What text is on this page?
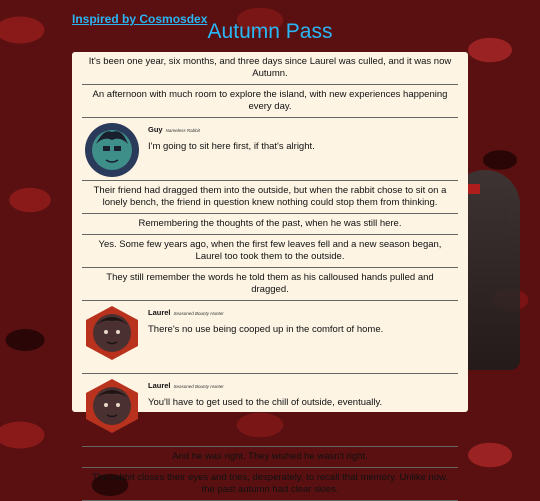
Inspired by Cosmosdex
Autumn Pass
It's been one year, six months, and three days since Laurel was culled, and it was now Autumn.
An afternoon with much room to explore the island, with new experiences happening every day.
Guy Nameless Rabbit
I'm going to sit here first, if that's alright.
Their friend had dragged them into the outside, but when the rabbit chose to sit on a lonely bench, the friend in question knew nothing could stop them from thinking.
Remembering the thoughts of the past, when he was still here.
Yes. Some few years ago, when the first few leaves fell and a new season began, Laurel too took them to the outside.
They still remember the words he told them as his calloused hands pulled and dragged.
Laurel Seasoned Bounty Hunter
There's no use being cooped up in the comfort of home.
Laurel Seasoned Bounty Hunter
You'll have to get used to the chill of outside, eventually.
And he was right. They wished he wasn't right.
The rabbit closes their eyes and tries, desperately, to recall that memory. Unlike now, the past autumn had clear skies.
